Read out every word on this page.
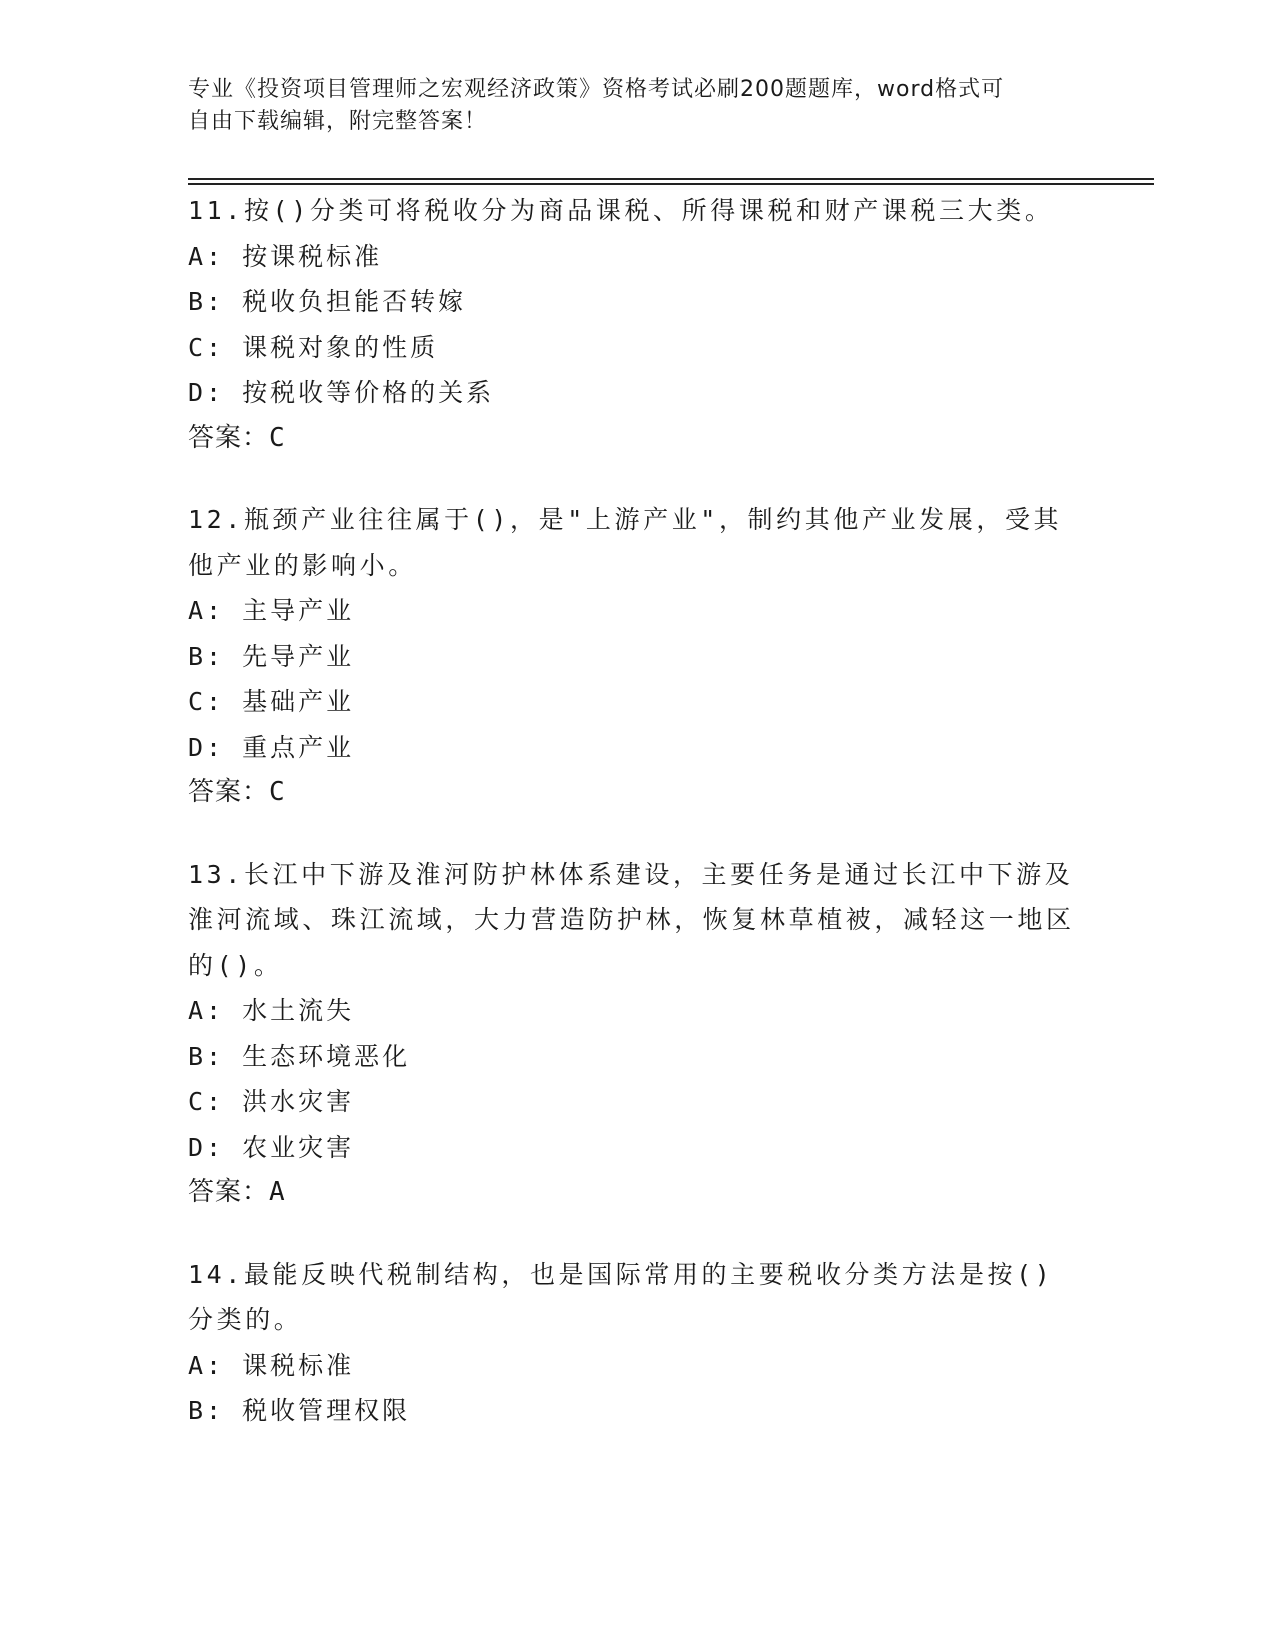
专业《投资项目管理师之宏观经济政策》资格考试必刷200题题库，word格式可
自由下载编辑，附完整答案！
11.按()分类可将税收分为商品课税、所得课税和财产课税三大类。
A: 按课税标准
B: 税收负担能否转嫁
C: 课税对象的性质
D: 按税收等价格的关系
答案：C
12.瓶颈产业往往属于()，是"上游产业"，制约其他产业发展，受其他产业的影响小。
A: 主导产业
B: 先导产业
C: 基础产业
D: 重点产业
答案：C
13.长江中下游及淮河防护林体系建设，主要任务是通过长江中下游及淮河流域、珠江流域，大力营造防护林，恢复林草植被，减轻这一地区的()。
A: 水土流失
B: 生态环境恶化
C: 洪水灾害
D: 农业灾害
答案：A
14.最能反映代税制结构，也是国际常用的主要税收分类方法是按()分类的。
A: 课税标准
B: 税收管理权限
